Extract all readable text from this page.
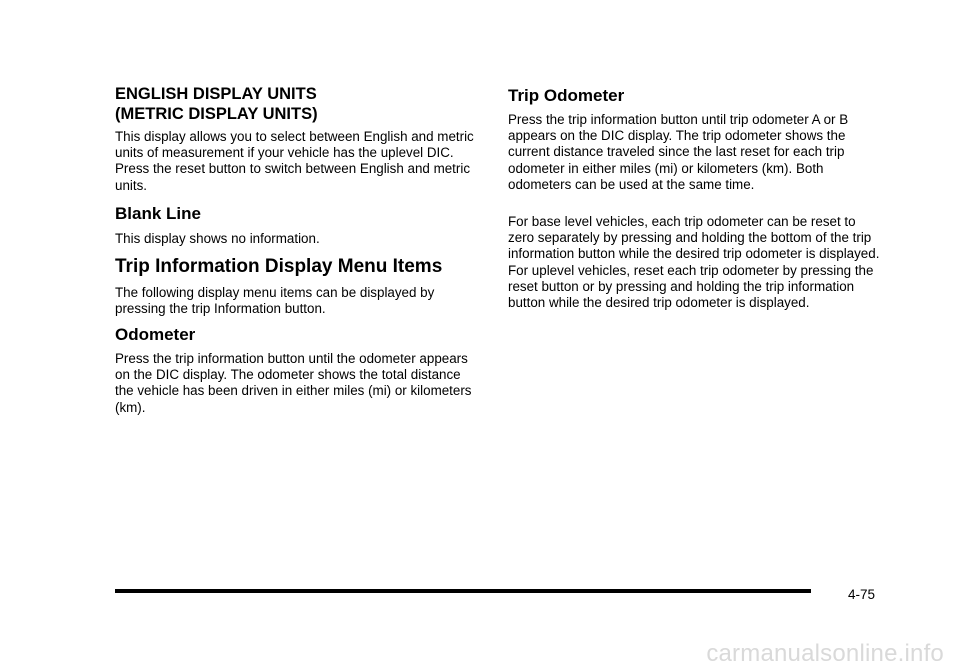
ENGLISH DISPLAY UNITS
(METRIC DISPLAY UNITS)

This display allows you to select between English and metric units of measurement if your vehicle has the uplevel DIC. Press the reset button to switch between English and metric units.

Blank Line

This display shows no information.

Trip Information Display Menu Items

The following display menu items can be displayed by pressing the trip Information button.

Odometer

Press the trip information button until the odometer appears on the DIC display. The odometer shows the total distance the vehicle has been driven in either miles (mi) or kilometers (km).

Trip Odometer

Press the trip information button until trip odometer A or B appears on the DIC display. The trip odometer shows the current distance traveled since the last reset for each trip odometer in either miles (mi) or kilometers (km). Both odometers can be used at the same time.

For base level vehicles, each trip odometer can be reset to zero separately by pressing and holding the bottom of the trip information button while the desired trip odometer is displayed. For uplevel vehicles, reset each trip odometer by pressing the reset button or by pressing and holding the trip information button while the desired trip odometer is displayed.

4-75
carmanualsonline.info
